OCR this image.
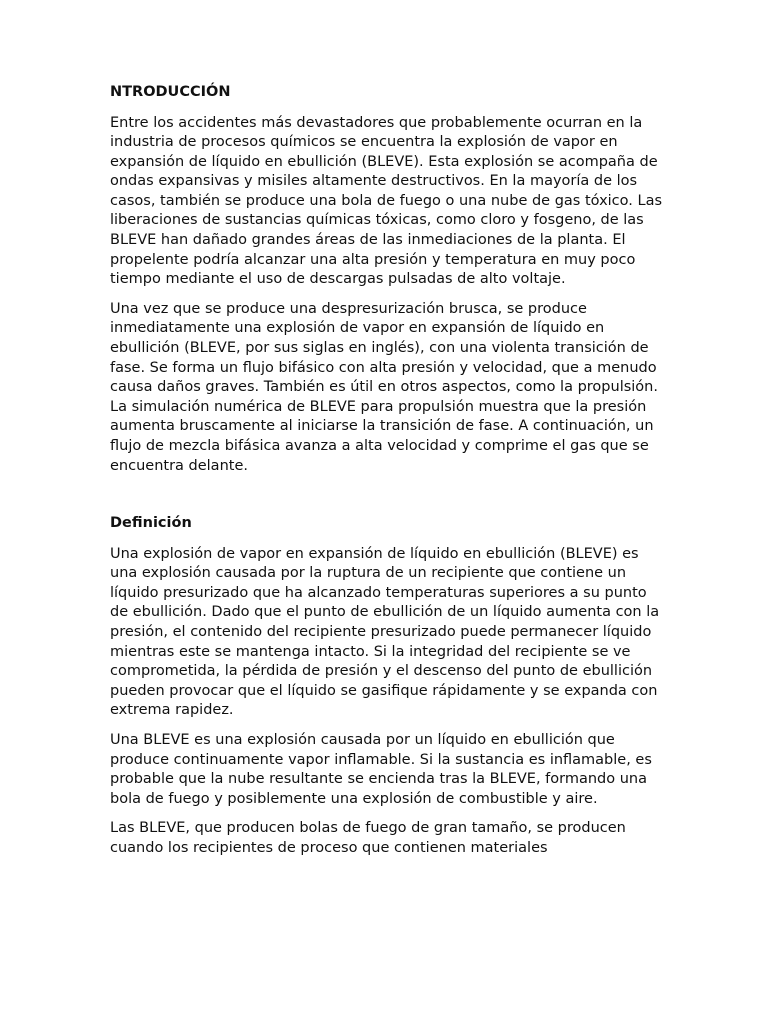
NTRODUCCIÓN

Entre los accidentes más devastadores que probablemente ocurran en la industria de procesos químicos se encuentra la explosión de vapor en expansión de líquido en ebullición (BLEVE). Esta explosión se acompaña de ondas expansivas y misiles altamente destructivos. En la mayoría de los casos, también se produce una bola de fuego o una nube de gas tóxico. Las liberaciones de sustancias químicas tóxicas, como cloro y fosgeno, de las BLEVE han dañado grandes áreas de las inmediaciones de la planta. El propelente podría alcanzar una alta presión y temperatura en muy poco tiempo mediante el uso de descargas pulsadas de alto voltaje.

Una vez que se produce una despresurización brusca, se produce inmediatamente una explosión de vapor en expansión de líquido en ebullición (BLEVE, por sus siglas en inglés), con una violenta transición de fase. Se forma un flujo bifásico con alta presión y velocidad, que a menudo causa daños graves. También es útil en otros aspectos, como la propulsión. La simulación numérica de BLEVE para propulsión muestra que la presión aumenta bruscamente al iniciarse la transición de fase. A continuación, un flujo de mezcla bifásica avanza a alta velocidad y comprime el gas que se encuentra delante.

Definición

Una explosión de vapor en expansión de líquido en ebullición (BLEVE) es una explosión causada por la ruptura de un recipiente que contiene un líquido presurizado que ha alcanzado temperaturas superiores a su punto de ebullición. Dado que el punto de ebullición de un líquido aumenta con la presión, el contenido del recipiente presurizado puede permanecer líquido mientras este se mantenga intacto. Si la integridad del recipiente se ve comprometida, la pérdida de presión y el descenso del punto de ebullición pueden provocar que el líquido se gasifique rápidamente y se expanda con extrema rapidez.

Una BLEVE es una explosión causada por un líquido en ebullición que produce continuamente vapor inflamable. Si la sustancia es inflamable, es probable que la nube resultante se encienda tras la BLEVE, formando una bola de fuego y posiblemente una explosión de combustible y aire.

Las BLEVE, que producen bolas de fuego de gran tamaño, se producen cuando los recipientes de proceso que contienen materiales
